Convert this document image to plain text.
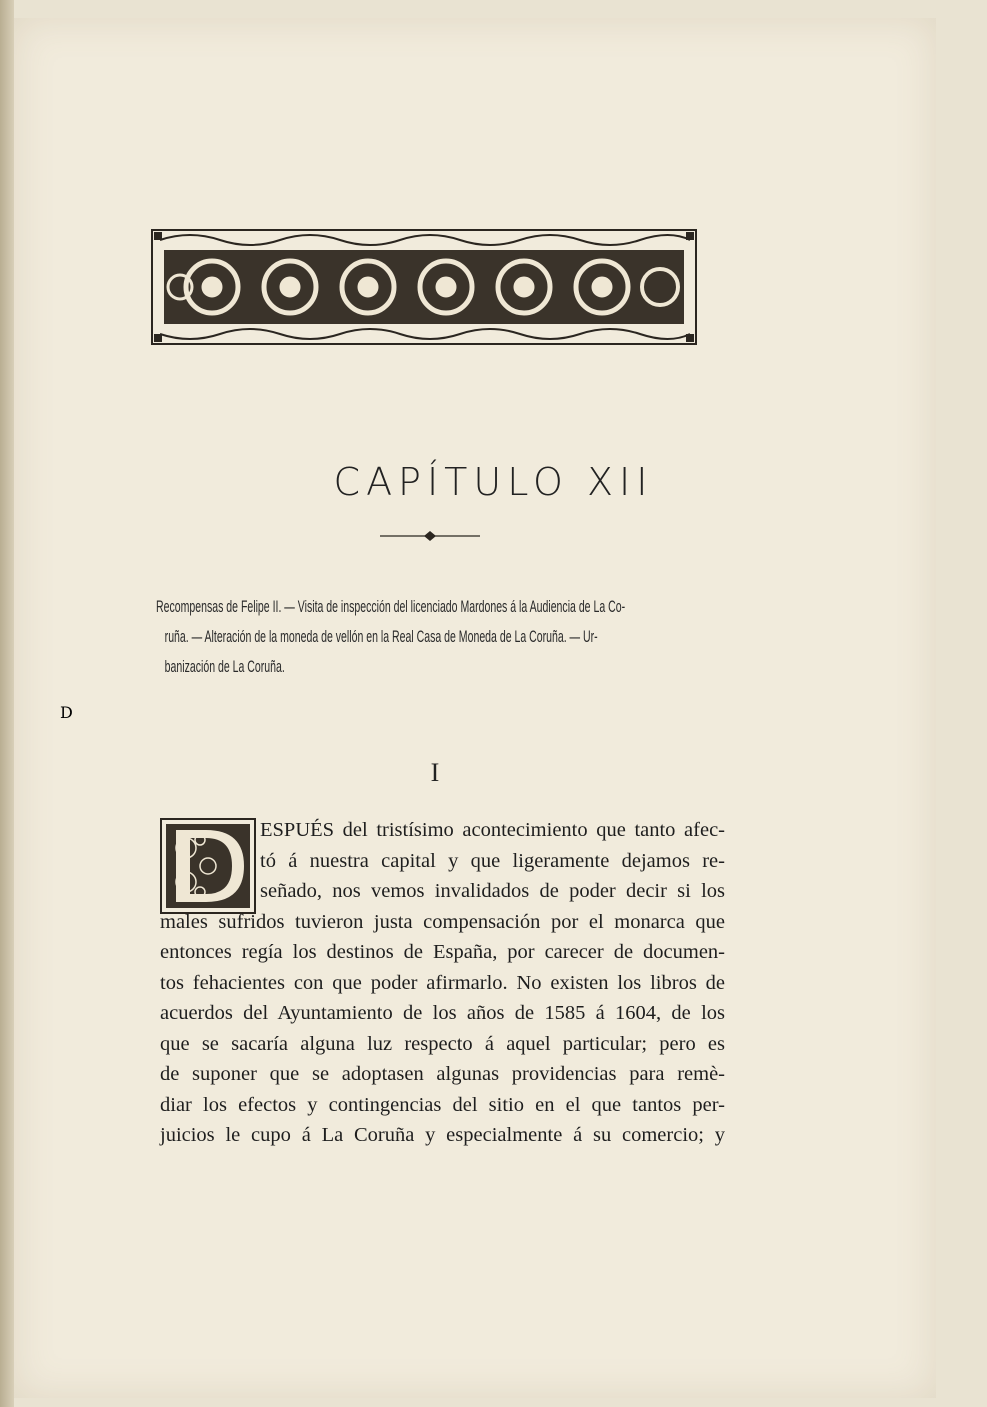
CAPÍTULO XII
Recompensas de Felipe II. — Visita de inspección del licenciado Mardones á la Audiencia de La Co-
ruña. — Alteración de la moneda de vellón en la Real Casa de Moneda de La Coruña. — Ur-
banización de La Coruña.
I
D
ESPUÉS del tristísimo acontecimiento que tanto afec-
tó á nuestra capital y que ligeramente dejamos re-
señado, nos vemos invalidados de poder decir si los
males sufridos tuvieron justa compensación por el monarca que
entonces regía los destinos de España, por carecer de documen-
tos fehacientes con que poder afirmarlo. No existen los libros de
acuerdos del Ayuntamiento de los años de 1585 á 1604, de los
que se sacaría alguna luz respecto á aquel particular; pero es
de suponer que se adoptasen algunas providencias para remè-
diar los efectos y contingencias del sitio en el que tantos per-
juicios le cupo á La Coruña y especialmente á su comercio; y
